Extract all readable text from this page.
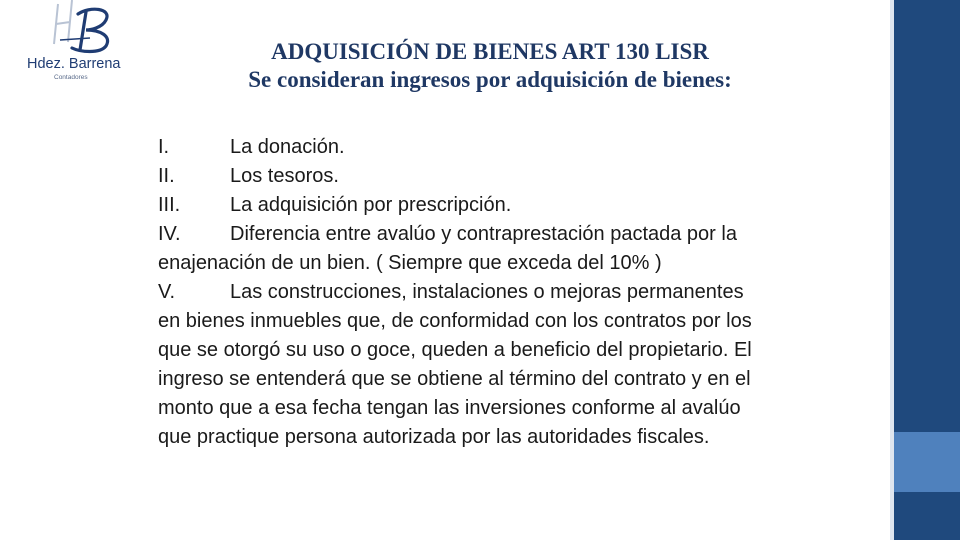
Hdez. Barrena
Contadores
ADQUISICIÓN DE BIENES ART 130 LISR
Se consideran ingresos por adquisición de bienes:

I.	La donación.

II.	Los tesoros.

III. La adquisición por prescripción.

IV. Diferencia entre avalúo y contraprestación pactada por la enajenación de un bien. ( Siempre que exceda del 10% )

V.	Las construcciones, instalaciones o mejoras permanentes en bienes inmuebles que, de conformidad con los contratos por los que se otorgó su uso o goce, queden a beneficio del propietario. El ingreso se entenderá que se obtiene al término del contrato y en el monto que a esa fecha tengan las inversiones conforme al avalúo que practique persona autorizada por las autoridades fiscales.
